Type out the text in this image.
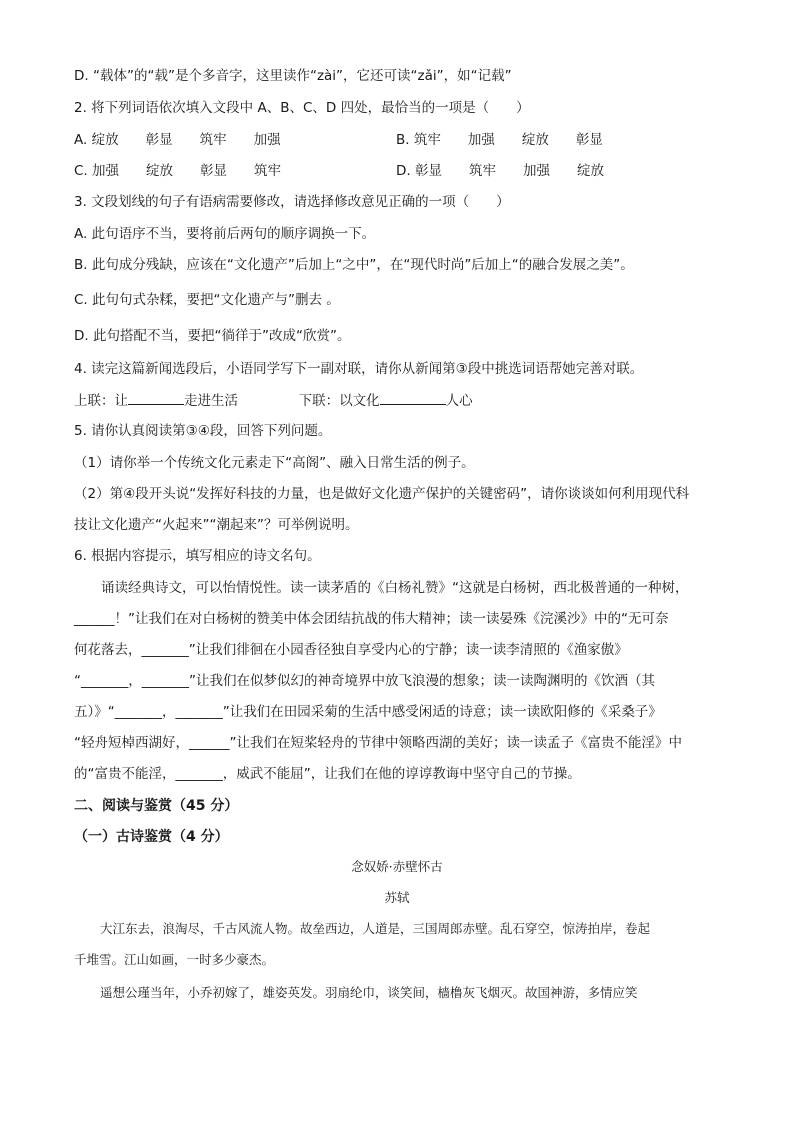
D. “载体”的“载”是个多音字，这里读作“zài”，它还可读“zǎi”，如“记载”
2. 将下列词语依次填入文段中 A、B、C、D 四处，最恰当的一项是（　　）
A. 绽放　　彰显　　筑牢　　加强	B. 筑牢　　加强　　绽放　　彰显
C. 加强　　绽放　　彰显　　筑牢	D. 彰显　　筑牢　　加强　　绽放
3. 文段划线的句子有语病需要修改，请选择修改意见正确的一项（　　）
A. 此句语序不当，要将前后两句的顺序调换一下。
B. 此句成分残缺，应该在“文化遗产”后加上“之中”，在“现代时尚”后加上“的融合发展之美”。
C. 此句句式杂糅，要把“文化遗产与”删去 。
D. 此句搭配不当，要把“徜徉于”改成“欣赏”。
4. 读完这篇新闻选段后，小语同学写下一副对联，请你从新闻第③段中挑选词语帮她完善对联。
上联：让	走进生活	下联：以文化	人心
5. 请你认真阅读第③④段，回答下列问题。
（1）请你举一个传统文化元素走下“高阁”、融入日常生活的例子。
（2）第④段开头说“发挥好科技的力量，也是做好文化遗产保护的关键密码”，请你谈谈如何利用现代科
技让文化遗产“火起来”“潮起来”？可举例说明。
6. 根据内容提示，填写相应的诗文名句。
诵读经典诗文，可以怡情悦性。读一读茅盾的《白杨礼赞》“这就是白杨树，西北极普通的一种树，
______！”让我们在对白杨树的赞美中体会团结抗战的伟大精神；读一读晏殊《浣溪沙》中的“无可奈
何花落去，_______”让我们徘徊在小园香径独自享受内心的宁静；读一读李清照的《渔家傲》
“_______，_______”让我们在似梦似幻的神奇境界中放飞浪漫的想象；读一读陶渊明的《饮酒（其
五）》“_______，_______”让我们在田园采菊的生活中感受闲适的诗意；读一读欧阳修的《采桑子》
“轻舟短棹西湖好，______”让我们在短桨轻舟的节律中领略西湖的美好；读一读孟子《富贵不能淫》中
的“富贵不能淫，_______，威武不能屈”，让我们在他的谆谆教诲中坚守自己的节操。
二、阅读与鉴赏（45 分）
（一）古诗鉴赏（4 分）
念奴娇·赤壁怀古
苏轼
大江东去，浪淘尽，千古风流人物。故垒西边，人道是，三国周郎赤壁。乱石穿空，惊涛拍岸，卷起
千堆雪。江山如画，一时多少豪杰。
遥想公瑾当年，小乔初嫁了，雄姿英发。羽扇纶巾，谈笑间，樯橹灰飞烟灭。故国神游，多情应笑
